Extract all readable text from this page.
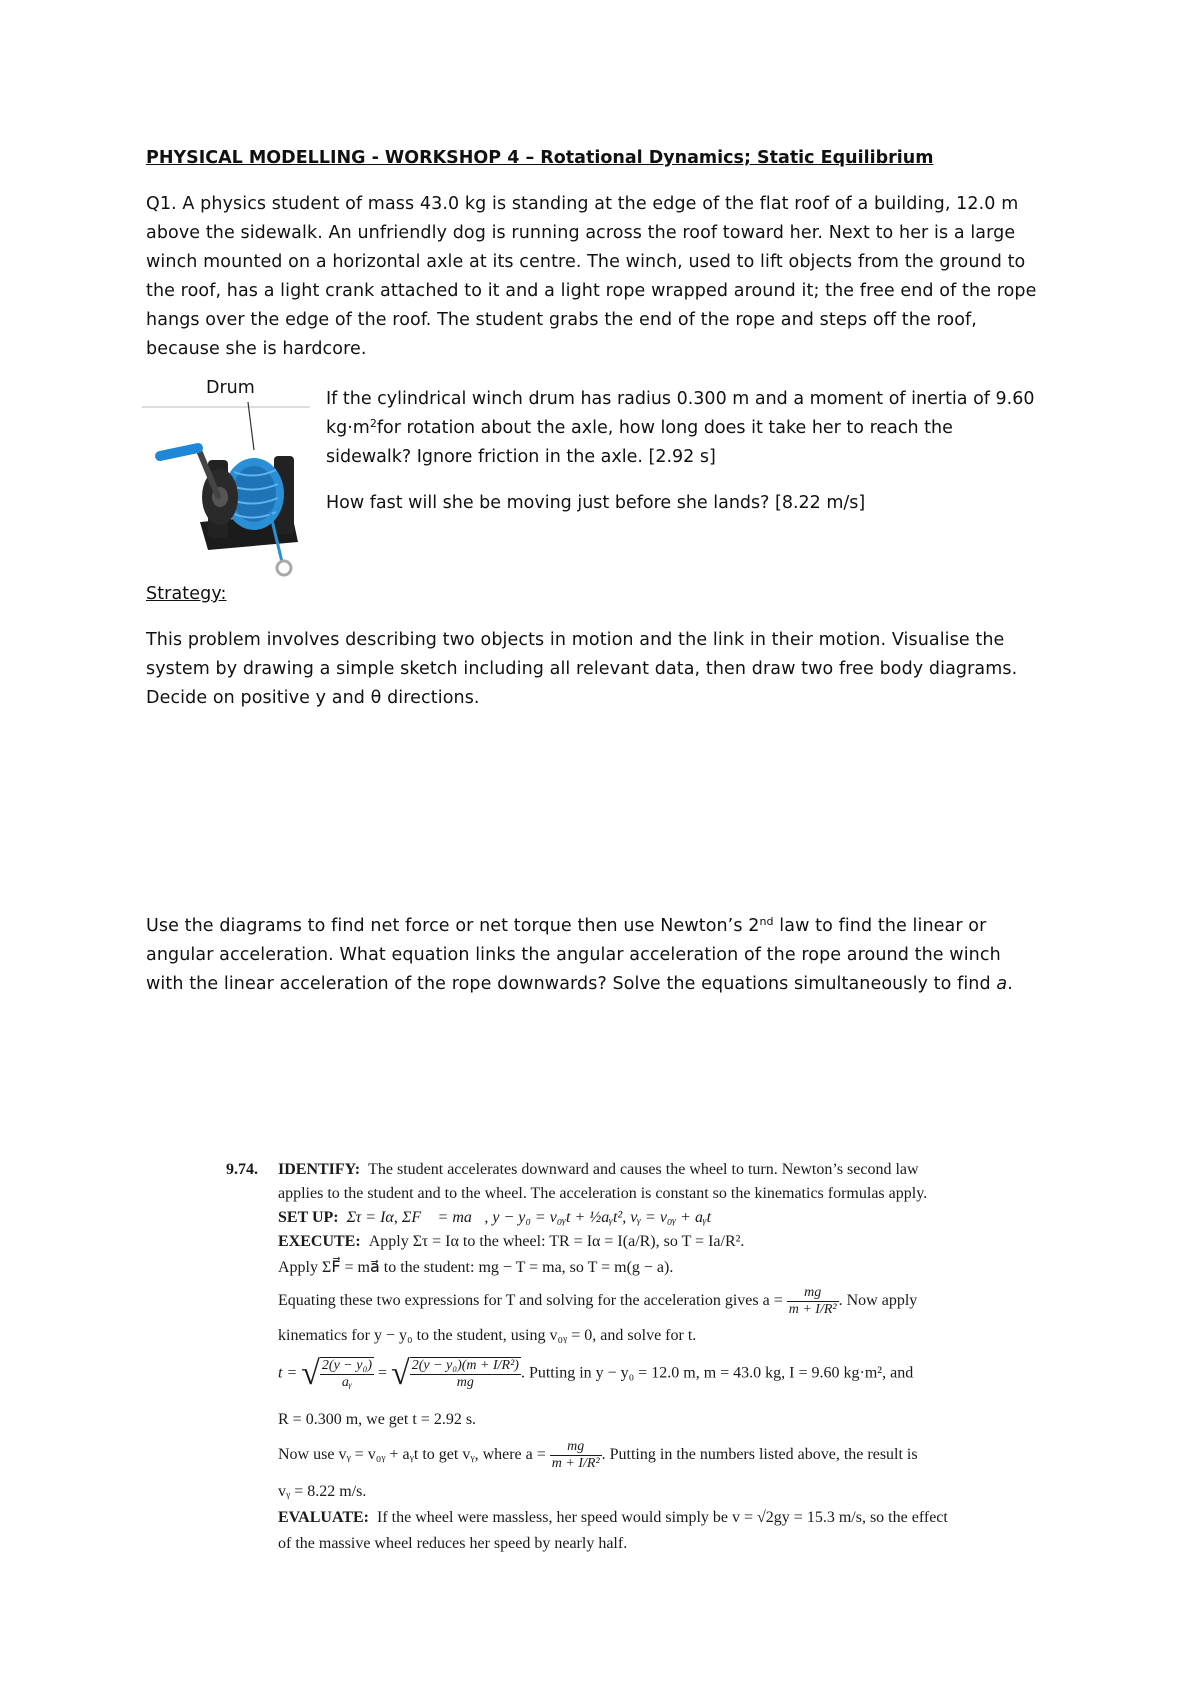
PHYSICAL MODELLING - WORKSHOP 4 – Rotational Dynamics; Static Equilibrium
Q1. A physics student of mass 43.0 kg is standing at the edge of the flat roof of a building, 12.0 m
above the sidewalk. An unfriendly dog is running across the roof toward her. Next to her is a large
winch mounted on a horizontal axle at its centre. The winch, used to lift objects from the ground to
the roof, has a light crank attached to it and a light rope wrapped around it; the free end of the rope
hangs over the edge of the roof. The student grabs the end of the rope and steps off the roof,
because she is hardcore.
Drum
If the cylindrical winch drum has radius 0.300 m and a moment of inertia of 9.60
$kg\cdot m^2for$ rotation about the axle, how long does it take her to reach the
sidewalk? Ignore friction in the axle. [2.92 s]
How fast will she be moving just before she lands? [8.22 m/s]
Strategy:
This problem involves describing two objects in motion and the link in their motion. Visualise the
system by drawing a simple sketch including all relevant data, then draw two free body diagrams.
Decide on positive y and θ directions.
Use the diagrams to find net force or net torque then use Newton’s 2nd law to find the linear or
angular acceleration. What equation links the angular acceleration of the rope around the winch
with the linear acceleration of the rope downwards? Solve the equations simultaneously to find a.
9.74. IDENTIFY: The student accelerates downward and causes the wheel to turn. Newton’s second law
applies to the student and to the wheel. The acceleration is constant so the kinematics formulas apply.
SET UP: Στ = Iα, ΣF⃗ = ma⃗, y − y₀ = v₀ᵧt + ½aᵧt², vᵧ = v₀ᵧ + aᵧt
EXECUTE: Apply Στ = Iα to the wheel: TR = Iα = I(a/R), so T = Ia/R².
Apply ΣF⃗ = ma⃗ to the student: mg − T = ma, so T = m(g − a).
Equating these two expressions for T and solving for the acceleration gives $a = \frac{mg}{\text{m + I/R²}}$ . Now apply
kinematics for y − y₀ to the student, using v₀ᵧ = 0, and solve for t.
t = √ $\frac{\text{2(y − y₀)}}{\text{aᵧ}}$ = √ $\frac{\text{2(y − y₀)(m + I/R²)}}{mg}$ . Putting in y − y₀ = 12.0 m, m = 43.0 kg, I = 9.60 kg·m², and
R = 0.300 m, we get t = 2.92 s.
Now use vᵧ = v₀ᵧ + aᵧt to get vᵧ, where $a = \frac{mg}{\text{m + I/R²}}$ . Putting in the numbers listed above, the result is
vᵧ = 8.22 m/s.
EVALUATE: If the wheel were massless, her speed would simply be v = √2gy = 15.3 m/s, so the effect
of the massive wheel reduces her speed by nearly half.
